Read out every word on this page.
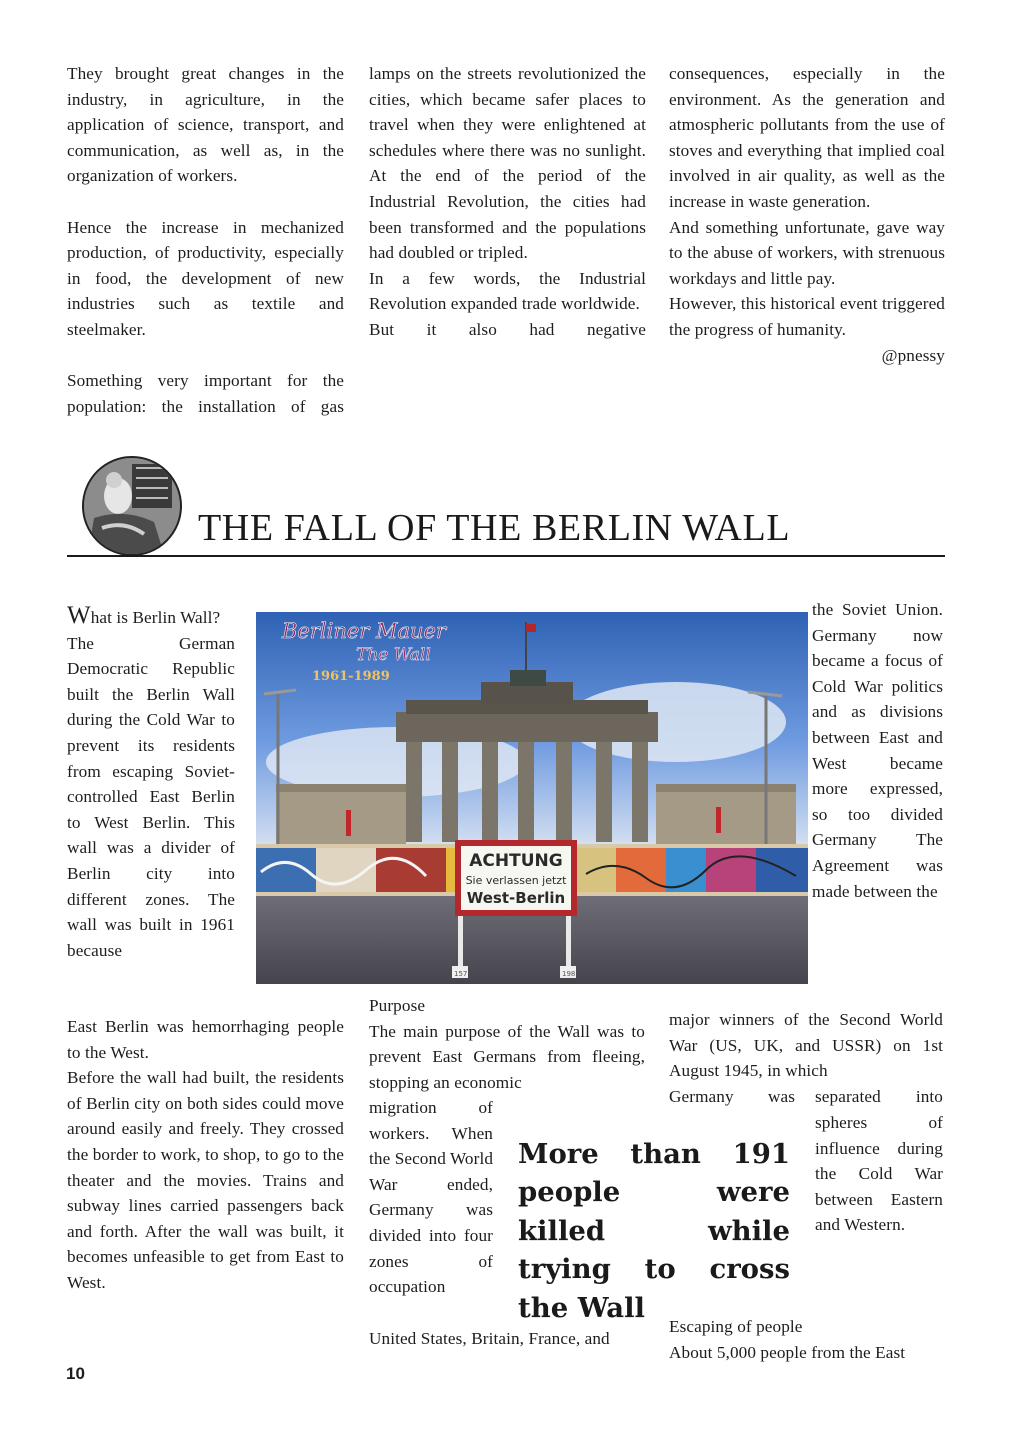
They brought great changes in the industry, in agriculture, in the application of science, transport, and communication, as well as, in the organization of workers.

Hence the increase in mechanized production, of productivity, especially in food, the development of new industries such as textile and steelmaker.

Something very important for the population: the installation of gas

lamps on the streets revolutionized the cities, which became safer places to travel when they were enlightened at schedules where there was no sunlight. At the end of the period of the Industrial Revolution, the cities had been transformed and the populations had doubled or tripled.

In a few words, the Industrial Revolution expanded trade worldwide.

But it also had negative

consequences, especially in the environment. As the generation and atmospheric pollutants from the use of stoves and everything that implied coal involved in air quality, as well as the increase in waste generation.

And something unfortunate, gave way to the abuse of workers, with strenuous workdays and little pay.

However, this historical event triggered the progress of humanity.

@pnessy

THE FALL OF THE BERLIN WALL

What is Berlin Wall?

The German Democratic Republic built the Berlin Wall during the Cold War to prevent its residents from escaping Soviet-controlled East Berlin to West Berlin. This wall was a divider of Berlin city into different zones. The wall was built in 1961 because

East Berlin was hemorrhaging people to the West.

Before the wall had built, the residents of Berlin city on both sides could move around easily and freely. They crossed the border to work, to shop, to go to the theater and the movies. Trains and subway lines carried passengers back and forth. After the wall was built, it becomes unfeasible to get from East to West.

157	198
ACHTUNG
Sie verlassen jetzt
West-Berlin
Berliner Mauer
The Wall
1961-1989

Purpose

The main purpose of the Wall was to prevent East Germans from fleeing, stopping an economic

migration of workers. When the Second World War ended, Germany was divided into four zones of occupation

United States, Britain, France, and

More than 191 people were killed while trying to cross the Wall

the Soviet Union. Germany now became a focus of Cold War politics and as divisions between East and West became more expressed, so too divided Germany The Agreement was made between the

major winners of the Second World War (US, UK, and USSR) on 1st August 1945, in which

Germany was separated into

spheres of influence during the Cold War between Eastern and Western.

Escaping of people

About 5,000 people from the East

10
